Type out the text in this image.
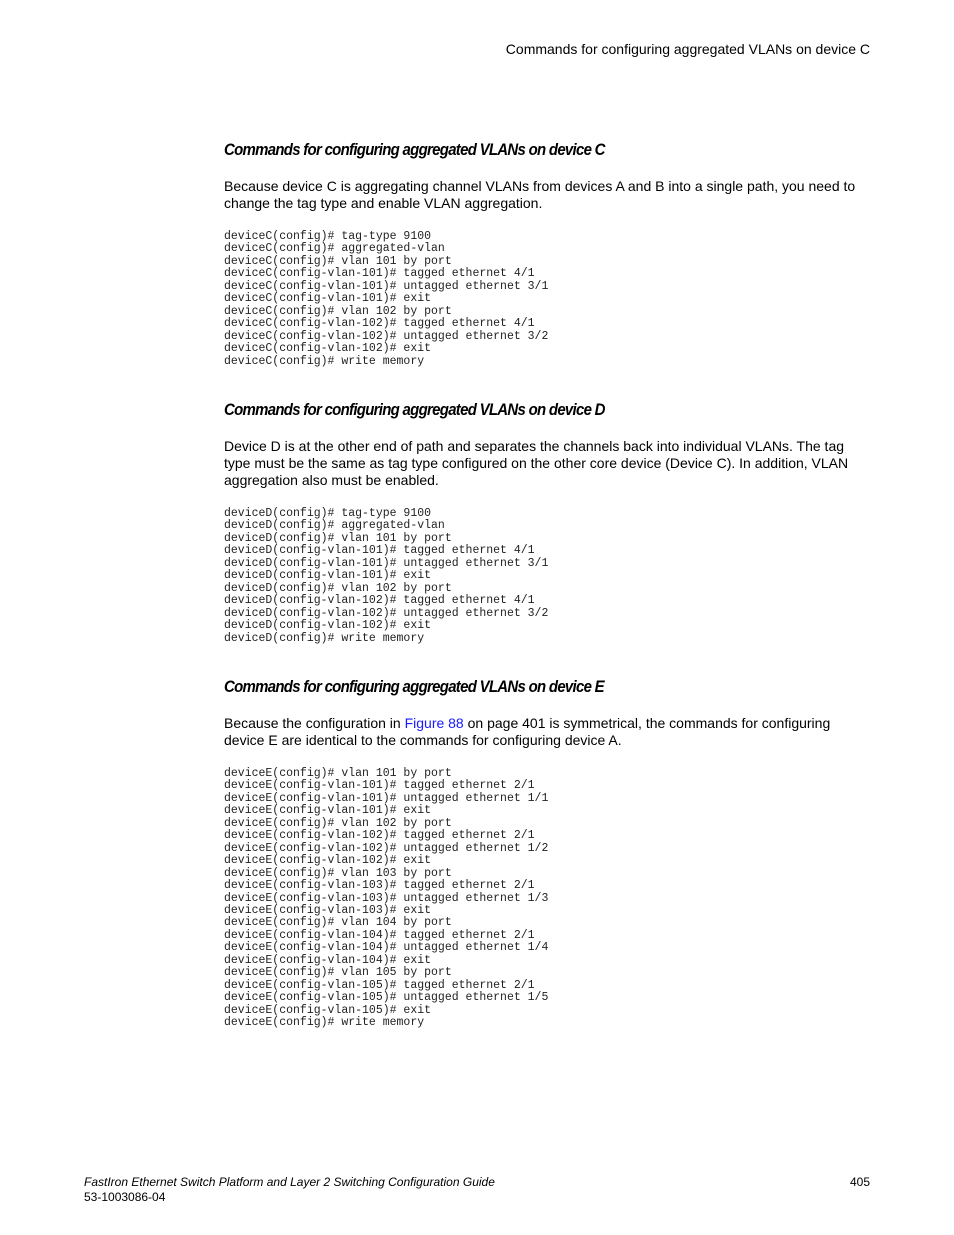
Commands for configuring aggregated VLANs on device C
Commands for configuring aggregated VLANs on device C

Because device C is aggregating channel VLANs from devices A and B into a single path, you need to change the tag type and enable VLAN aggregation.

deviceC(config)# tag-type 9100
deviceC(config)# aggregated-vlan
deviceC(config)# vlan 101 by port
deviceC(config-vlan-101)# tagged ethernet 4/1
deviceC(config-vlan-101)# untagged ethernet 3/1
deviceC(config-vlan-101)# exit
deviceC(config)# vlan 102 by port
deviceC(config-vlan-102)# tagged ethernet 4/1
deviceC(config-vlan-102)# untagged ethernet 3/2
deviceC(config-vlan-102)# exit
deviceC(config)# write memory
Commands for configuring aggregated VLANs on device D

Device D is at the other end of path and separates the channels back into individual VLANs. The tag type must be the same as tag type configured on the other core device (Device C). In addition, VLAN aggregation also must be enabled.

deviceD(config)# tag-type 9100
deviceD(config)# aggregated-vlan
deviceD(config)# vlan 101 by port
deviceD(config-vlan-101)# tagged ethernet 4/1
deviceD(config-vlan-101)# untagged ethernet 3/1
deviceD(config-vlan-101)# exit
deviceD(config)# vlan 102 by port
deviceD(config-vlan-102)# tagged ethernet 4/1
deviceD(config-vlan-102)# untagged ethernet 3/2
deviceD(config-vlan-102)# exit
deviceD(config)# write memory
Commands for configuring aggregated VLANs on device E

Because the configuration in Figure 88 on page 401 is symmetrical, the commands for configuring device E are identical to the commands for configuring device A.

deviceE(config)# vlan 101 by port
deviceE(config-vlan-101)# tagged ethernet 2/1
deviceE(config-vlan-101)# untagged ethernet 1/1
deviceE(config-vlan-101)# exit
deviceE(config)# vlan 102 by port
deviceE(config-vlan-102)# tagged ethernet 2/1
deviceE(config-vlan-102)# untagged ethernet 1/2
deviceE(config-vlan-102)# exit
deviceE(config)# vlan 103 by port
deviceE(config-vlan-103)# tagged ethernet 2/1
deviceE(config-vlan-103)# untagged ethernet 1/3
deviceE(config-vlan-103)# exit
deviceE(config)# vlan 104 by port
deviceE(config-vlan-104)# tagged ethernet 2/1
deviceE(config-vlan-104)# untagged ethernet 1/4
deviceE(config-vlan-104)# exit
deviceE(config)# vlan 105 by port
deviceE(config-vlan-105)# tagged ethernet 2/1
deviceE(config-vlan-105)# untagged ethernet 1/5
deviceE(config-vlan-105)# exit
deviceE(config)# write memory
FastIron Ethernet Switch Platform and Layer 2 Switching Configuration Guide
53-1003086-04
405
